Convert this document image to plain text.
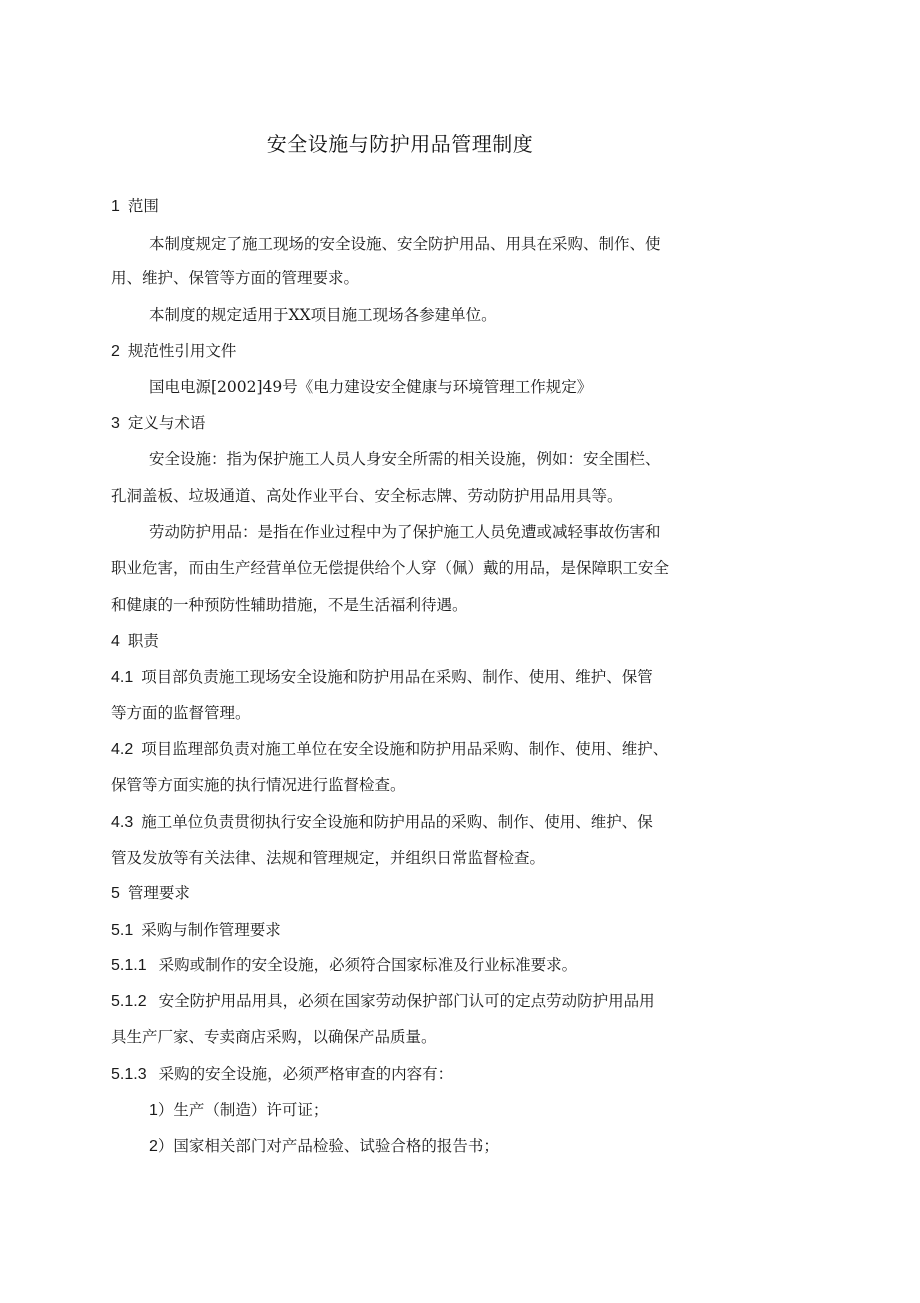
安全设施与防护用品管理制度
1 范围
本制度规定了施工现场的安全设施、安全防护用品、用具在采购、制作、使
用、维护、保管等方面的管理要求。
本制度的规定适用于XX项目施工现场各参建单位。
2 规范性引用文件
国电电源[2002]49号《电力建设安全健康与环境管理工作规定》
3 定义与术语
安全设施：指为保护施工人员人身安全所需的相关设施，例如：安全围栏、
孔洞盖板、垃圾通道、高处作业平台、安全标志牌、劳动防护用品用具等。
劳动防护用品：是指在作业过程中为了保护施工人员免遭或减轻事故伤害和
职业危害，而由生产经营单位无偿提供给个人穿（佩）戴的用品，是保障职工安全
和健康的一种预防性辅助措施，不是生活福利待遇。
4 职责
4.1 项目部负责施工现场安全设施和防护用品在采购、制作、使用、维护、保管
等方面的监督管理。
4.2 项目监理部负责对施工单位在安全设施和防护用品采购、制作、使用、维护、
保管等方面实施的执行情况进行监督检查。
4.3 施工单位负责贯彻执行安全设施和防护用品的采购、制作、使用、维护、保
管及发放等有关法律、法规和管理规定，并组织日常监督检查。
5 管理要求
5.1 采购与制作管理要求
5.1.1 采购或制作的安全设施，必须符合国家标准及行业标准要求。
5.1.2 安全防护用品用具，必须在国家劳动保护部门认可的定点劳动防护用品用
具生产厂家、专卖商店采购，以确保产品质量。
5.1.3 采购的安全设施，必须严格审查的内容有：
1）生产（制造）许可证；
2）国家相关部门对产品检验、试验合格的报告书；
